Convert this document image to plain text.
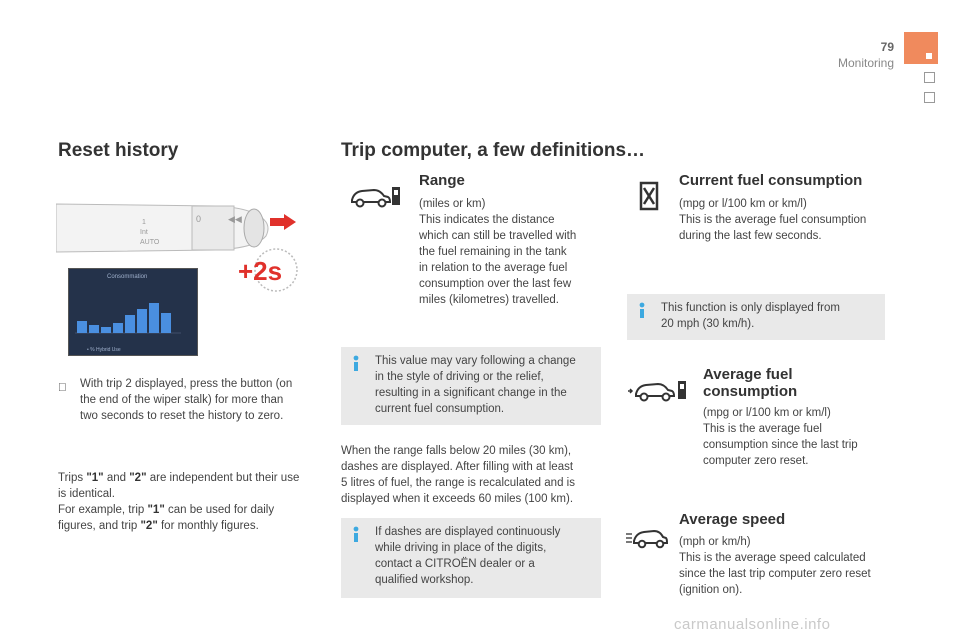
79
Monitoring
Reset history
1
Int
AUTO
0	◀◀
Consommation
• % Hybrid Use
+2s
With trip 2 displayed, press the button (on
the end of the wiper stalk) for more than
two seconds to reset the history to zero.
Trips "1" and "2" are independent but their use
is identical.
For example, trip "1" can be used for daily
figures, and trip "2" for monthly figures.
Trip computer, a few definitions…
Range
(miles or km)
This indicates the distance
which can still be travelled with
the fuel remaining in the tank
in relation to the average fuel
consumption over the last few
miles (kilometres) travelled.
This value may vary following a change
in the style of driving or the relief,
resulting in a significant change in the
current fuel consumption.
When the range falls below 20 miles (30 km),
dashes are displayed. After filling with at least
5 litres of fuel, the range is recalculated and is
displayed when it exceeds 60 miles (100 km).
If dashes are displayed continuously
while driving in place of the digits,
contact a CITROËN dealer or a
qualified workshop.
Current fuel consumption
(mpg or l/100 km or km/l)
This is the average fuel consumption
during the last few seconds.
This function is only displayed from
20 mph (30 km/h).
Average fuel
consumption
(mpg or l/100 km or km/l)
This is the average fuel
consumption since the last trip
computer zero reset.
Average speed
(mph or km/h)
This is the average speed calculated
since the last trip computer zero reset
(ignition on).
carmanualsonline.info
